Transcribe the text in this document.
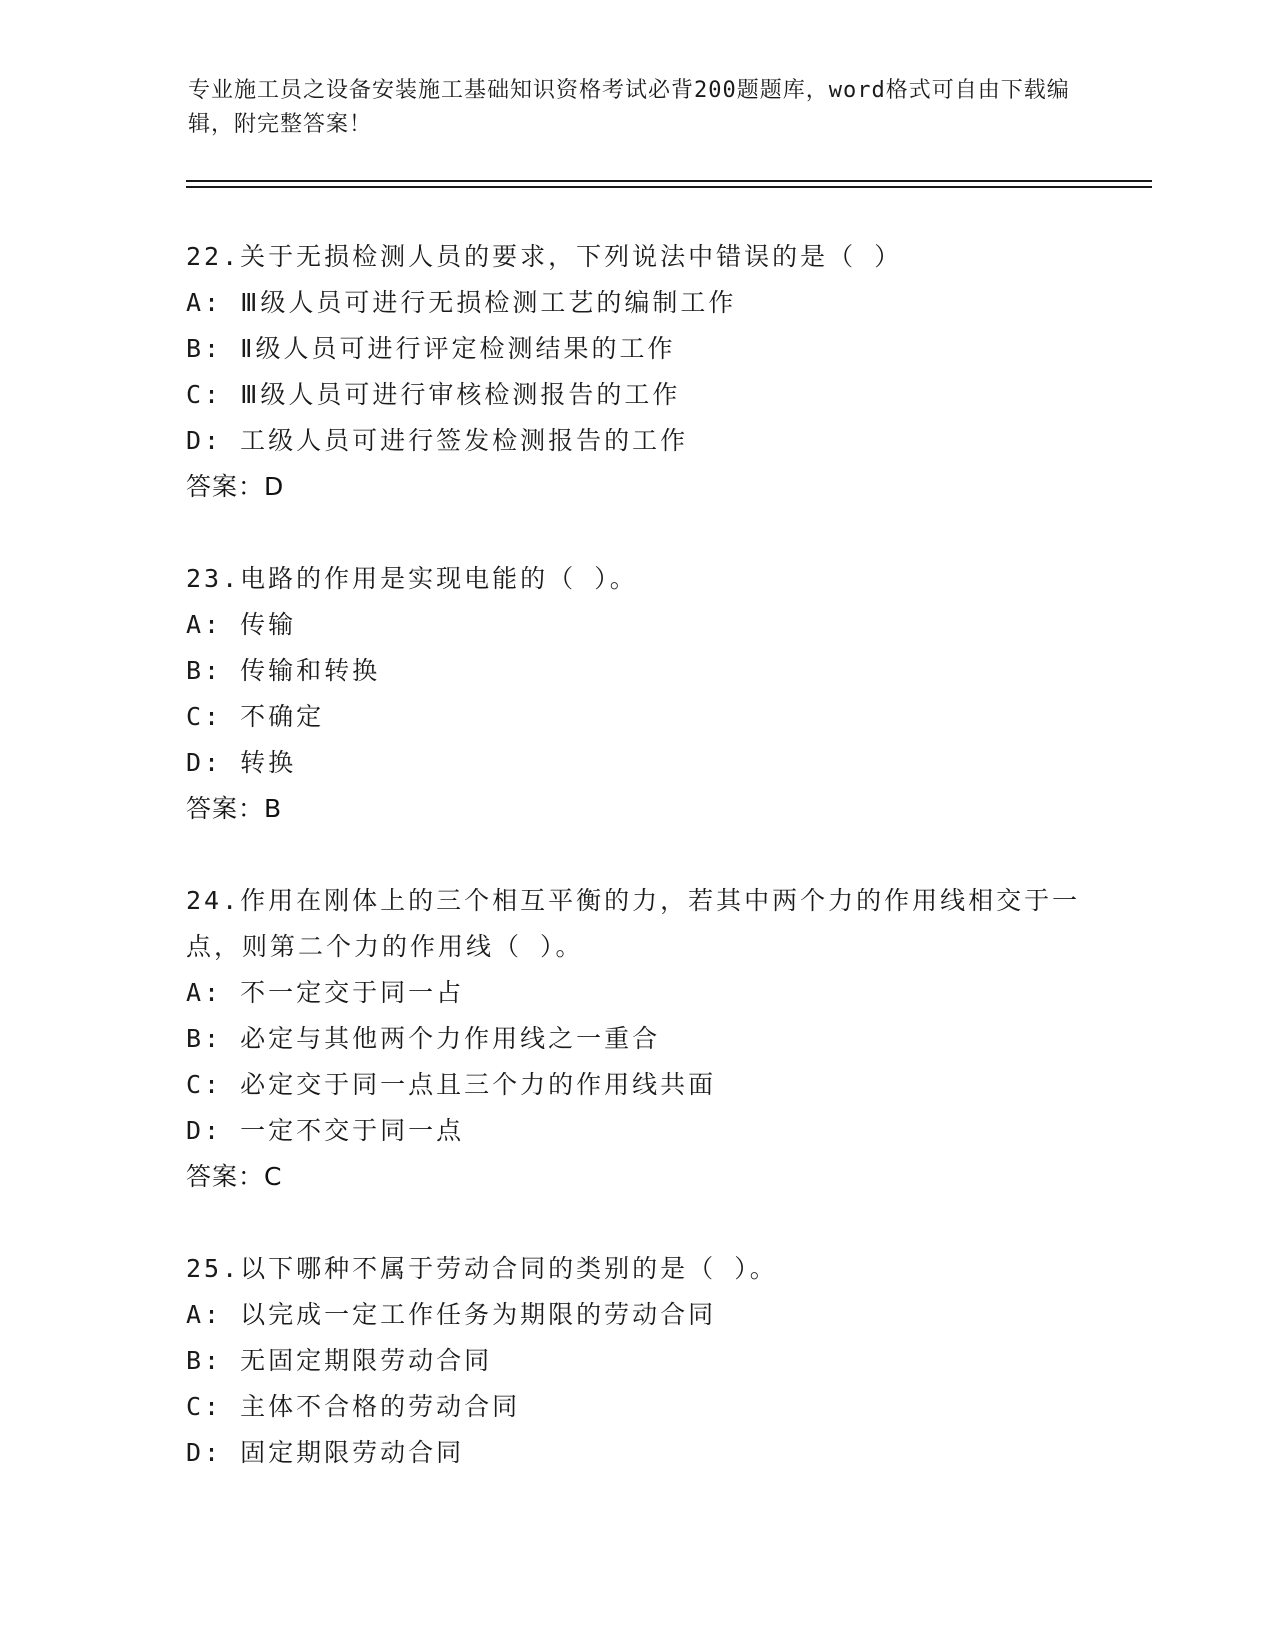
专业施工员之设备安装施工基础知识资格考试必背200题题库，word格式可自由下载编辑，附完整答案！
22.关于无损检测人员的要求，下列说法中错误的是（ ）
A: Ⅲ级人员可进行无损检测工艺的编制工作
B: Ⅱ级人员可进行评定检测结果的工作
C: Ⅲ级人员可进行审核检测报告的工作
D: 工级人员可进行签发检测报告的工作
答案：D
23.电路的作用是实现电能的（ ）。
A: 传输
B: 传输和转换
C: 不确定
D: 转换
答案：B
24.作用在刚体上的三个相互平衡的力，若其中两个力的作用线相交于一点，则第二个力的作用线（ ）。
A: 不一定交于同一占
B: 必定与其他两个力作用线之一重合
C: 必定交于同一点且三个力的作用线共面
D: 一定不交于同一点
答案：C
25.以下哪种不属于劳动合同的类别的是（ ）。
A: 以完成一定工作任务为期限的劳动合同
B: 无固定期限劳动合同
C: 主体不合格的劳动合同
D: 固定期限劳动合同
